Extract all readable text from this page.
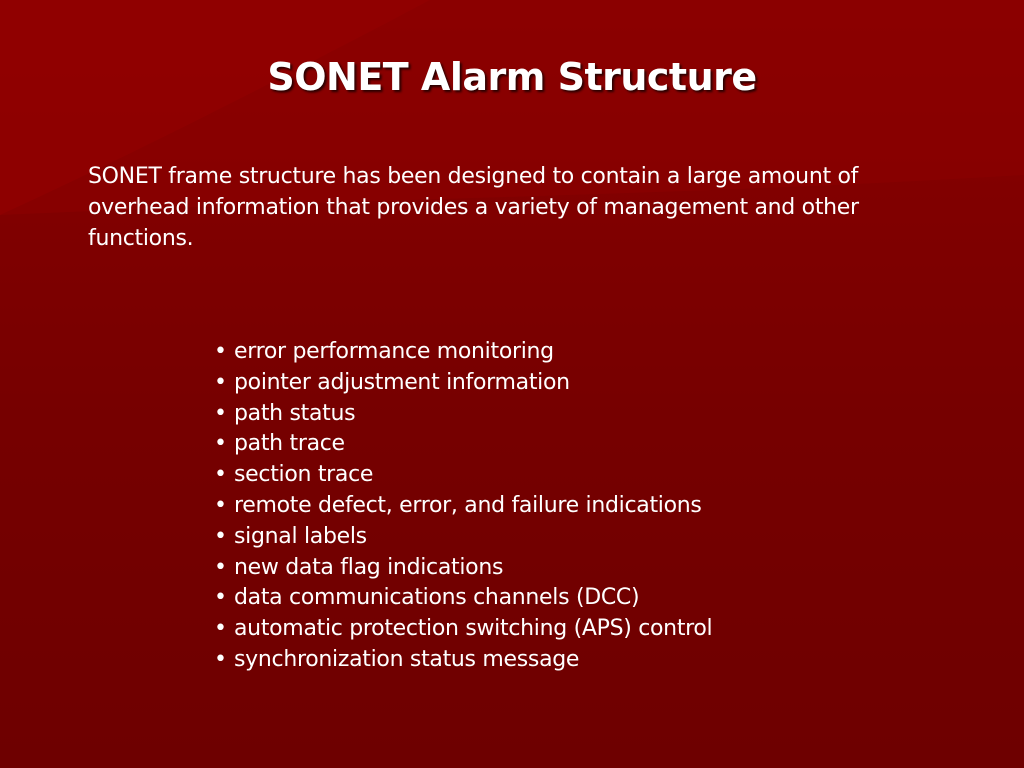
SONET Alarm Structure
SONET frame structure has been designed to contain a large amount of overhead information that provides a variety of management and other functions.
• error performance monitoring
• pointer adjustment information
• path status
• path trace
• section trace
• remote defect, error, and failure indications
• signal labels
• new data flag indications
• data communications channels (DCC)
• automatic protection switching (APS) control
• synchronization status message
